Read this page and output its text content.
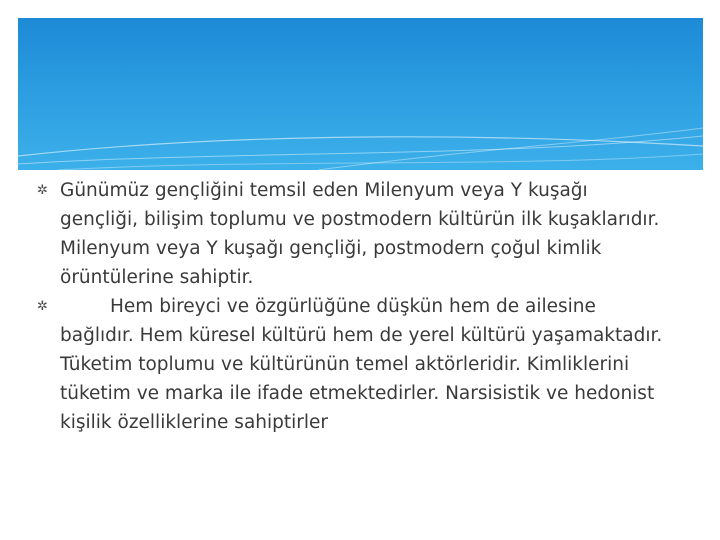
✲ Günümüz gençliğini temsil eden Milenyum veya Y kuşağı gençliği, bilişim toplumu ve postmodern kültürün ilk kuşaklarıdır. Milenyum veya Y kuşağı gençliği, postmodern çoğul kimlik örüntülerine sahiptir.

✲	Hem bireyci ve özgürlüğüne düşkün hem de ailesine bağlıdır. Hem küresel kültürü hem de yerel kültürü yaşamaktadır. Tüketim toplumu ve kültürünün temel aktörleridir. Kimliklerini tüketim ve marka ile ifade etmektedirler. Narsisistik ve hedonist kişilik özelliklerine sahiptirler
